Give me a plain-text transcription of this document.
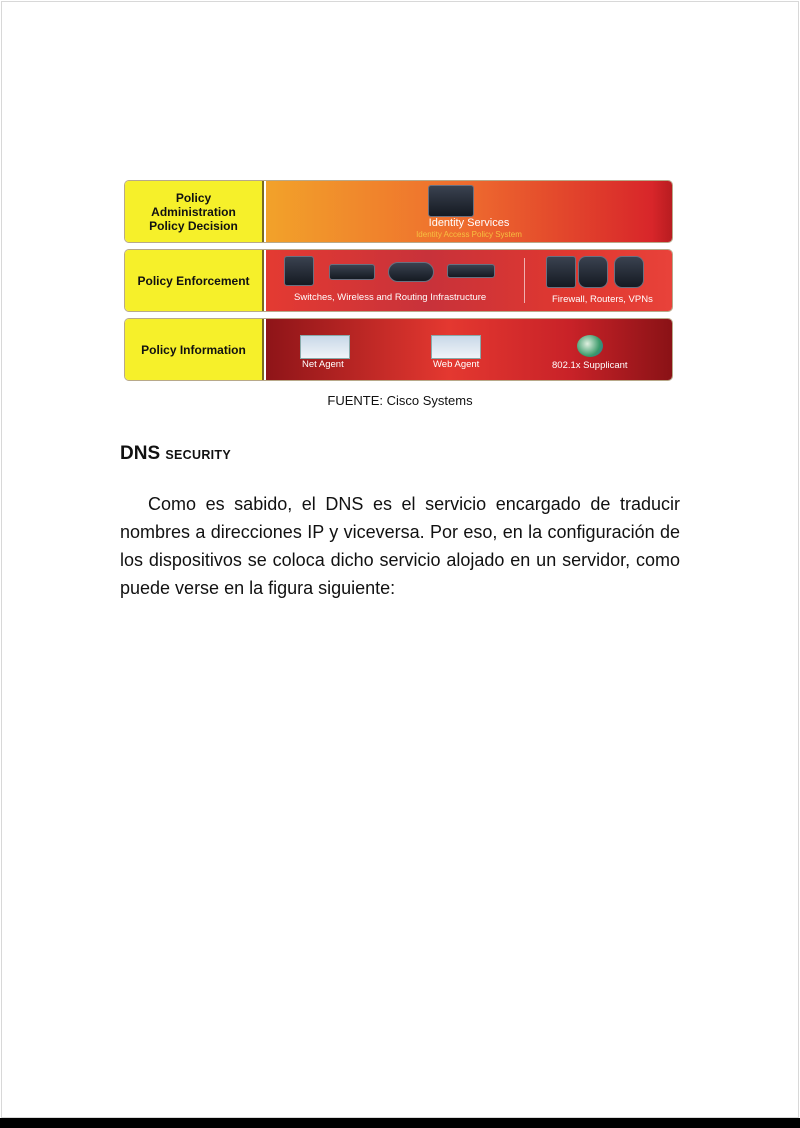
Policy Administration Policy Decision	Identity Services
Identity Access Policy System
Policy Enforcement
Switches, Wireless and Routing Infrastructure	Firewall, Routers, VPNs
Policy Information
Net Agent	Web Agent	802.1x Supplicant
FUENTE: Cisco Systems
DNS SECURITY
Como es sabido, el DNS es el servicio encargado de traducir nombres a direcciones IP y viceversa. Por eso, en la configuración de los dispositivos se coloca dicho servicio alojado en un servidor, como puede verse en la figura siguiente:
